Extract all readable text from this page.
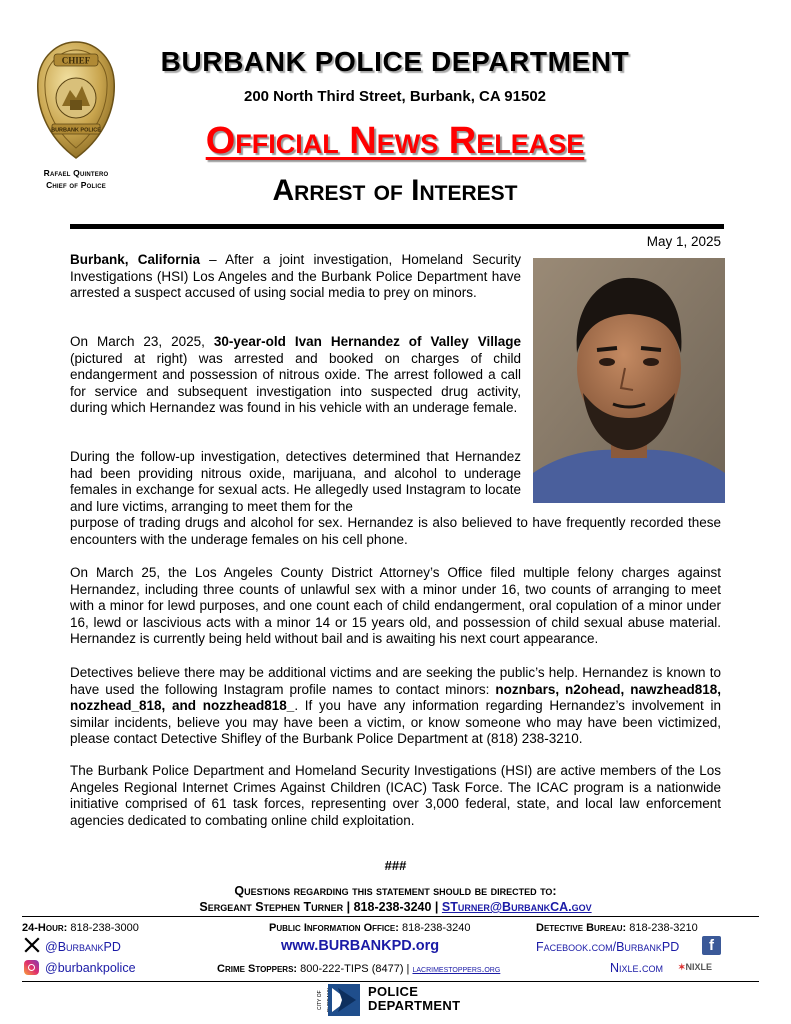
CHIEF
BURBANK POLICE
Rafael Quintero
Chief of Police
BURBANK POLICE DEPARTMENT
200 North Third Street, Burbank, CA 91502
Official News Release
Arrest of Interest
May 1, 2025
Burbank, California – After a joint investigation, Homeland Security Investigations (HSI) Los Angeles and the Burbank Police Department have arrested a suspect accused of using social media to prey on minors.
On March 23, 2025, 30-year-old Ivan Hernandez of Valley Village (pictured at right) was arrested and booked on charges of child endangerment and possession of nitrous oxide. The arrest followed a call for service and subsequent investigation into suspected drug activity, during which Hernandez was found in his vehicle with an underage female.
During the follow-up investigation, detectives determined that Hernandez had been providing nitrous oxide, marijuana, and alcohol to underage females in exchange for sexual acts. He allegedly used Instagram to locate and lure victims, arranging to meet them for the
purpose of trading drugs and alcohol for sex. Hernandez is also believed to have frequently recorded these encounters with the underage females on his cell phone.
On March 25, the Los Angeles County District Attorney’s Office filed multiple felony charges against Hernandez, including three counts of unlawful sex with a minor under 16, two counts of arranging to meet with a minor for lewd purposes, and one count each of child endangerment, oral copulation of a minor under 16, lewd or lascivious acts with a minor 14 or 15 years old, and possession of child sexual abuse material. Hernandez is currently being held without bail and is awaiting his next court appearance.
Detectives believe there may be additional victims and are seeking the public’s help. Hernandez is known to have used the following Instagram profile names to contact minors: noznbars, n2ohead, nawzhead818, nozzhead_818, and nozzhead818_. If you have any information regarding Hernandez’s involvement in similar incidents, believe you may have been a victim, or know someone who may have been victimized, please contact Detective Shifley of the Burbank Police Department at (818) 238-3210.
The Burbank Police Department and Homeland Security Investigations (HSI) are active members of the Los Angeles Regional Internet Crimes Against Children (ICAC) Task Force. The ICAC program is a nationwide initiative comprised of 61 task forces, representing over 3,000 federal, state, and local law enforcement agencies dedicated to combating online child exploitation.
###
Questions regarding this statement should be directed to:
Sergeant Stephen Turner | 818-238-3240 | STurner@BurbankCA.gov
24-Hour: 818-238-3000	Public Information Office: 818-238-3240	Detective Bureau: 818-238-3210
@BurbankPD	www.BURBANKPD.org	Facebook.com/BurbankPD	f
@burbankpolice	Crime Stoppers: 800-222-TIPS (8477) | lacrimestoppers.org	Nixle.com ✶NIXLE
CITY OF	POLICE
DEPARTMENT
